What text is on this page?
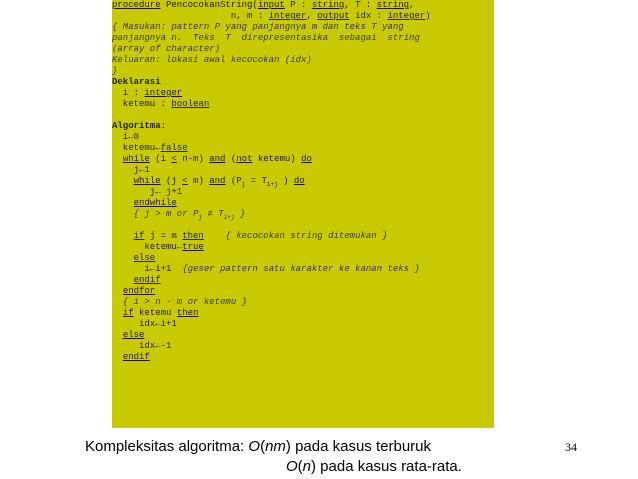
procedure PencocokanString(input P : string, T : string,
n, m : integer, output idx : integer)
{ Masukan: pattern P yang panjangnya m dan teks T yang
panjangnya n.  Teks  T  direpresentasika  sebagai  string
(array of character)
Keluaran: lokasi awal kecocokan (idx)
}
Deklarasi
i : integer
ketemu : boolean
Algoritma:
i←0
ketemu←false
while (i < n-m) and (not ketemu) do
j←1
while (j < m) and ($P_j = T_{i+j}$ ) do
j← j+1
endwhile
{ j > m or $P_j \ne T_{i+j}$ }
if j = m then    { kecocokan string ditemukan }
ketemu←true
else
i←i+1  {geser pattern satu karakter ke kanan teks }
endif
endfor
{ i > n - m or ketemu }
if ketemu then
idx←i+1
else
idx←-1
endif
Kompleksitas algoritma: O(nm) pada kasus terburuk
O(n) pada kasus rata-rata.
34
